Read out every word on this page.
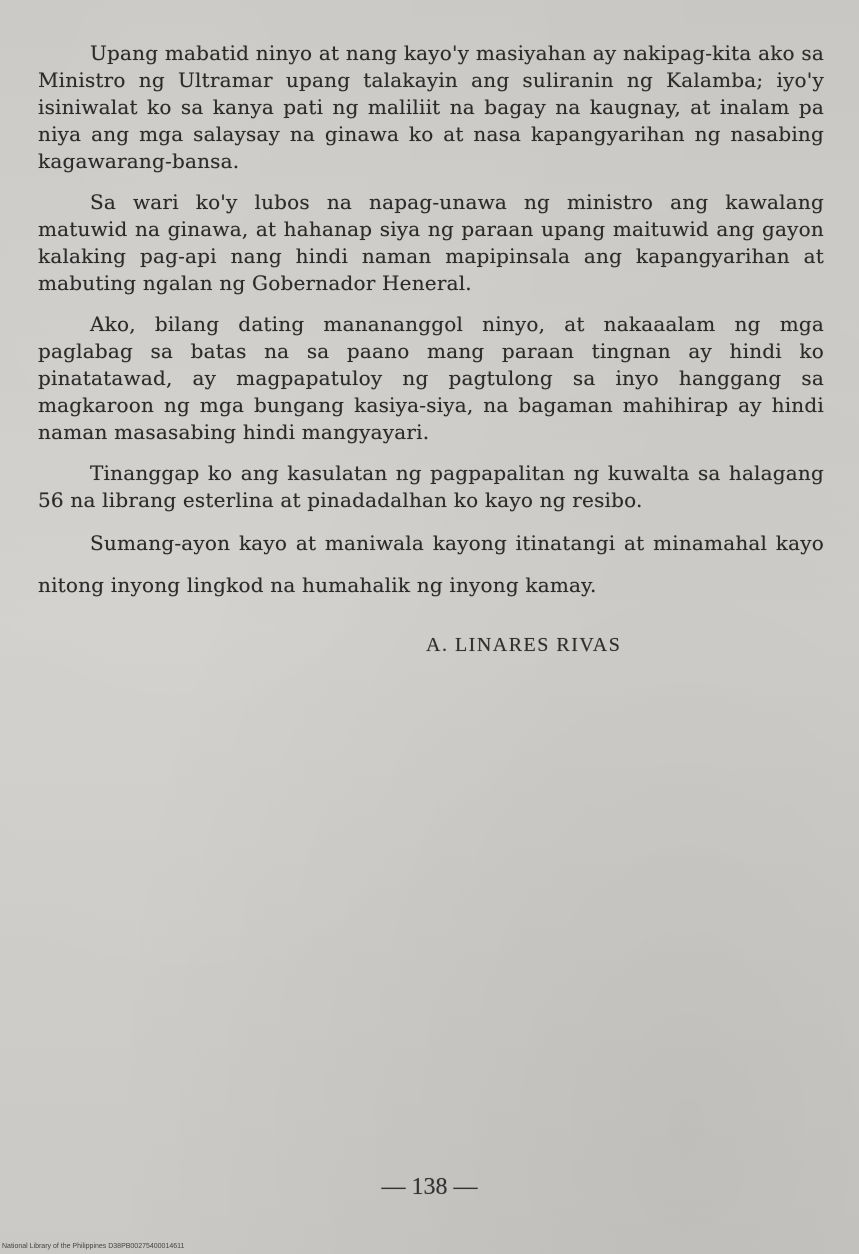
Upang mabatid ninyo at nang kayo'y masiyahan ay nakipag-kita ako sa Ministro ng Ultramar upang talakayin ang suliranin ng Kalamba; iyo'y isiniwalat ko sa kanya pati ng maliliit na bagay na kaugnay, at inalam pa niya ang mga salaysay na ginawa ko at nasa kapangyarihan ng nasabing kagawarang-bansa.

Sa wari ko'y lubos na napag-unawa ng ministro ang kawalang matuwid na ginawa, at hahanap siya ng paraan upang maituwid ang gayon kalaking pag-api nang hindi naman mapipinsala ang kapangyarihan at mabuting ngalan ng Gobernador Heneral.

Ako, bilang dating manananggol ninyo, at nakaaalam ng mga paglabag sa batas na sa paano mang paraan tingnan ay hindi ko pinatatawad, ay magpapatuloy ng pagtulong sa inyo hanggang sa magkaroon ng mga bungang kasiya-siya, na bagaman mahihirap ay hindi naman masasabing hindi mangyayari.

Tinanggap ko ang kasulatan ng pagpapalitan ng kuwalta sa halagang 56 na librang esterlina at pinadadalhan ko kayo ng resibo.

Sumang-ayon kayo at maniwala kayong itinatangi at minamahal kayo nitong inyong lingkod na humahalik ng inyong kamay.

A. LINARES RIVAS
— 138 —
National Library of the Philippines D38PB00275400014611
